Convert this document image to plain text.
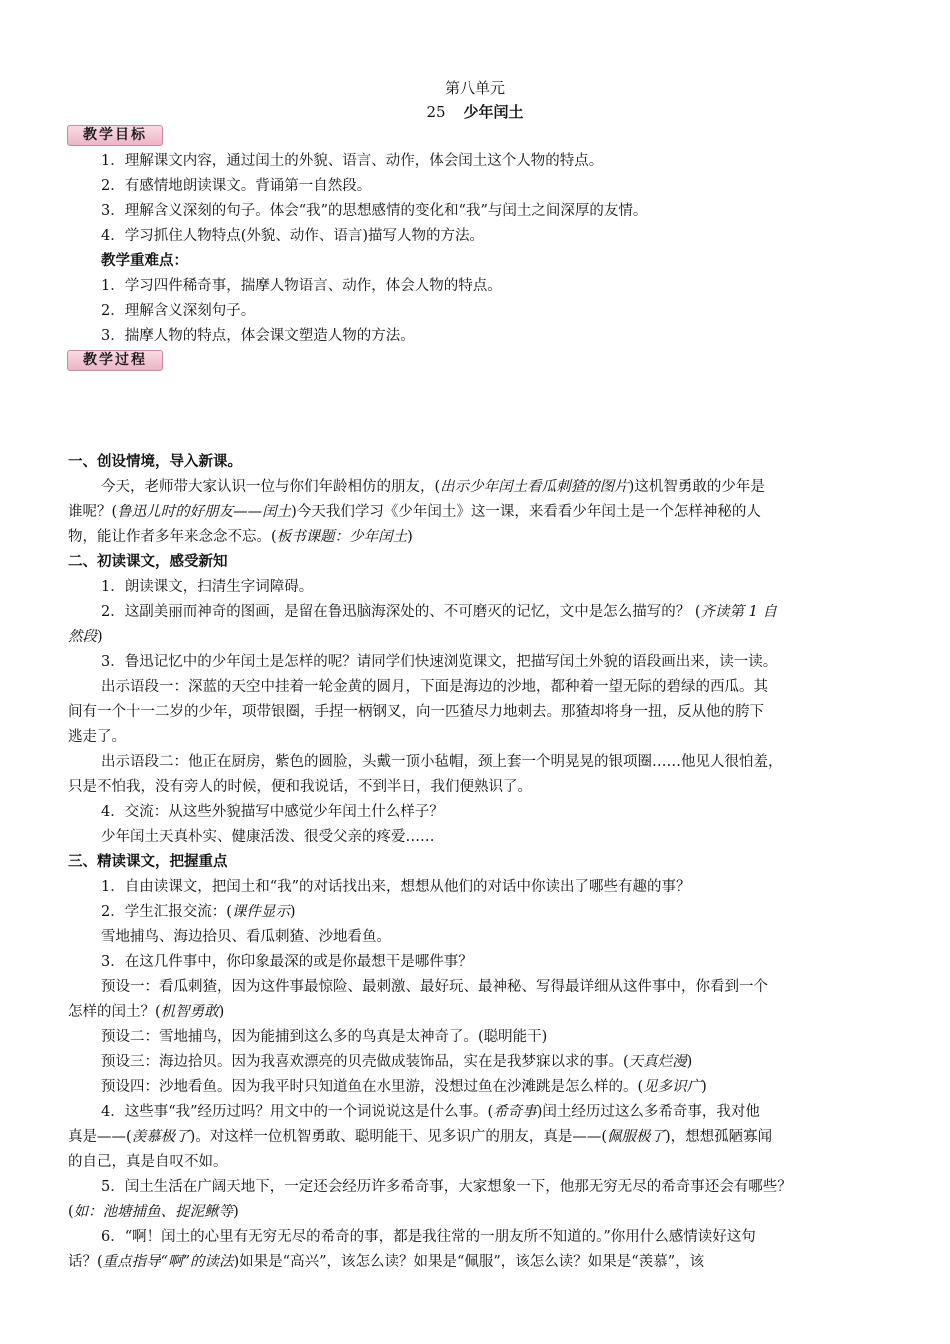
第八单元
25 少年闰土
教学目标
1．理解课文内容，通过闰土的外貌、语言、动作，体会闰土这个人物的特点。
2．有感情地朗读课文。背诵第一自然段。
3．理解含义深刻的句子。体会“我”的思想感情的变化和“我”与闰土之间深厚的友情。
4．学习抓住人物特点(外貌、动作、语言)描写人物的方法。
教学重难点：
1．学习四件稀奇事，揣摩人物语言、动作，体会人物的特点。
2．理解含义深刻句子。
3．揣摩人物的特点，体会课文塑造人物的方法。
教学过程
一、创设情境，导入新课。
今天，老师带大家认识一位与你们年龄相仿的朋友，(出示少年闰土看瓜刺猹的图片)这机智勇敢的少年是
谁呢？(鲁迅儿时的好朋友——闰土)今天我们学习《少年闰土》这一课，来看看少年闰土是一个怎样神秘的人
物，能让作者多年来念念不忘。(板书课题：少年闰土)
二、初读课文，感受新知
1．朗读课文，扫清生字词障碍。
2．这副美丽而神奇的图画，是留在鲁迅脑海深处的、不可磨灭的记忆，文中是怎么描写的？ (齐读第 1 自
然段)
3．鲁迅记忆中的少年闰土是怎样的呢？请同学们快速浏览课文，把描写闰土外貌的语段画出来，读一读。
出示语段一：深蓝的天空中挂着一轮金黄的圆月，下面是海边的沙地，都种着一望无际的碧绿的西瓜。其
间有一个十一二岁的少年，项带银圈，手捏一柄钢叉，向一匹猹尽力地刺去。那猹却将身一扭，反从他的胯下
逃走了。
出示语段二：他正在厨房，紫色的圆脸，头戴一顶小毡帽，颈上套一个明晃晃的银项圈……他见人很怕羞，
只是不怕我，没有旁人的时候，便和我说话，不到半日，我们便熟识了。
4．交流：从这些外貌描写中感觉少年闰土什么样子？
少年闰土天真朴实、健康活泼、很受父亲的疼爱……
三、精读课文，把握重点
1．自由读课文，把闰土和“我”的对话找出来，想想从他们的对话中你读出了哪些有趣的事？
2．学生汇报交流：(课件显示)
雪地捕鸟、海边拾贝、看瓜刺猹、沙地看鱼。
3．在这几件事中，你印象最深的或是你最想干是哪件事？
预设一：看瓜刺猹，因为这件事最惊险、最刺激、最好玩、最神秘、写得最详细从这件事中，你看到一个
怎样的闰土？(机智勇敢)
预设二：雪地捕鸟，因为能捕到这么多的鸟真是太神奇了。(聪明能干)
预设三：海边拾贝。因为我喜欢漂亮的贝壳做成装饰品，实在是我梦寐以求的事。(天真烂漫)
预设四：沙地看鱼。因为我平时只知道鱼在水里游，没想过鱼在沙滩跳是怎么样的。(见多识广)
4．这些事“我”经历过吗？用文中的一个词说说这是什么事。(希奇事)闰土经历过这么多希奇事，我对他
真是——(羡慕极了)。对这样一位机智勇敢、聪明能干、见多识广的朋友，真是——(佩服极了)，想想孤陋寡闻
的自己，真是自叹不如。
5．闰土生活在广阔天地下，一定还会经历许多希奇事，大家想象一下，他那无穷无尽的希奇事还会有哪些？
(如：池塘捕鱼、捉泥鳅等)
6．“啊！闰土的心里有无穷无尽的希奇的事，都是我往常的一朋友所不知道的。”你用什么感情读好这句
话？(重点指导“啊”的读法)如果是“高兴”，该怎么读？如果是“佩服”，该怎么读？如果是“羡慕”，该
